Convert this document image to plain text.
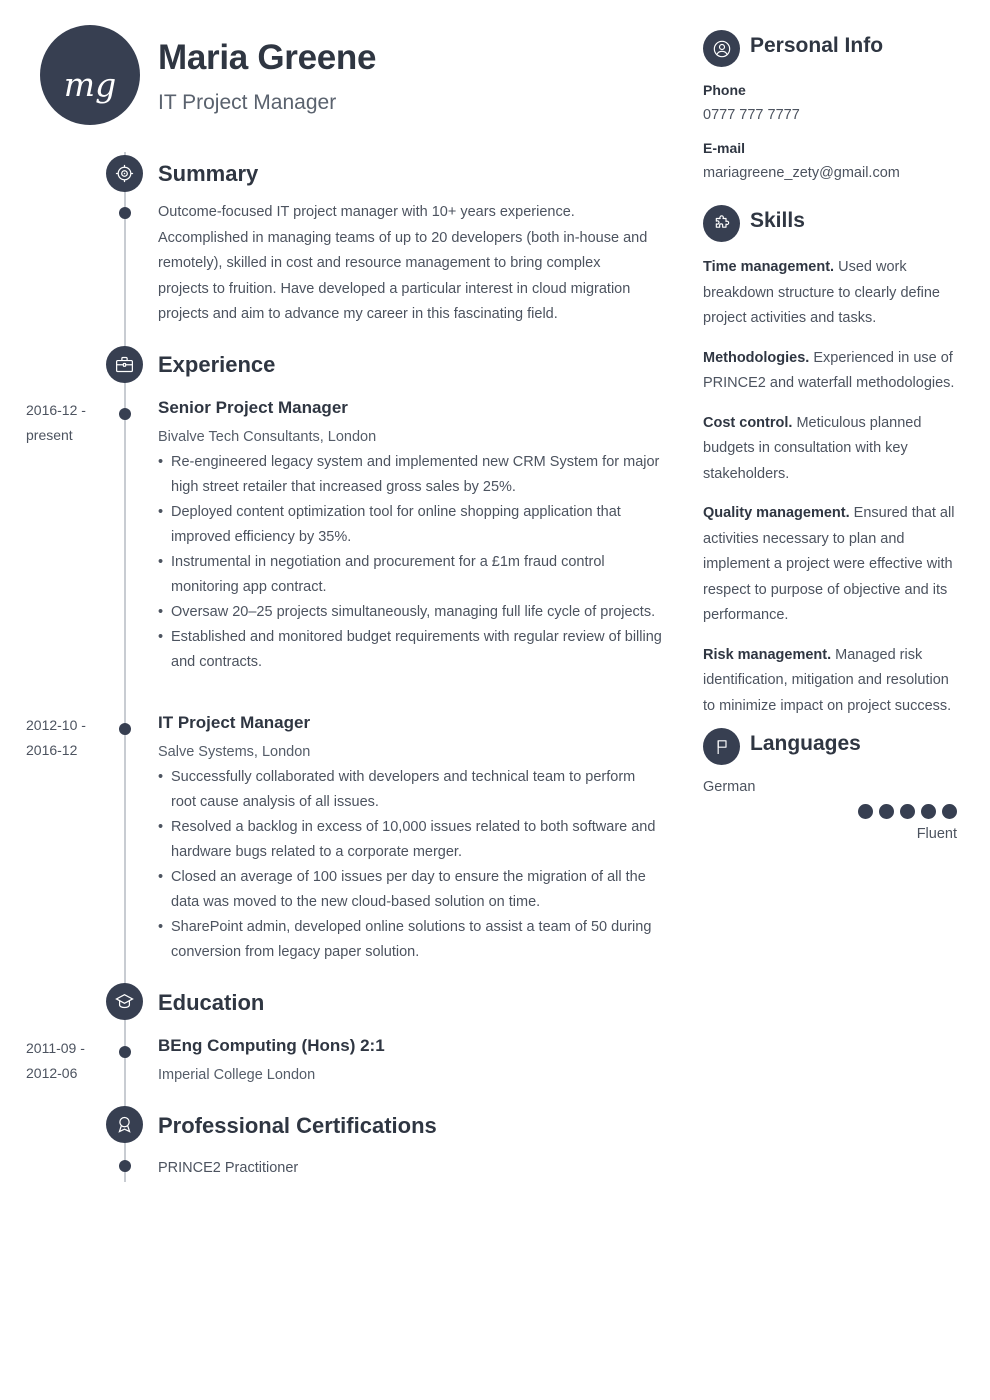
mg
Maria Greene
IT Project Manager
Summary
Outcome-focused IT project manager with 10+ years experience. Accomplished in managing teams of up to 20 developers (both in-house and remotely), skilled in cost and resource management to bring complex projects to fruition. Have developed a particular interest in cloud migration projects and aim to advance my career in this fascinating field.
Experience
2016-12 - present
Senior Project Manager
Bivalve Tech Consultants, London
• Re-engineered legacy system and implemented new CRM System for major high street retailer that increased gross sales by 25%.
• Deployed content optimization tool for online shopping application that improved efficiency by 35%.
• Instrumental in negotiation and procurement for a £1m fraud control monitoring app contract.
• Oversaw 20–25 projects simultaneously, managing full life cycle of projects.
• Established and monitored budget requirements with regular review of billing and contracts.
2012-10 - 2016-12
IT Project Manager
Salve Systems, London
• Successfully collaborated with developers and technical team to perform root cause analysis of all issues.
• Resolved a backlog in excess of 10,000 issues related to both software and hardware bugs related to a corporate merger.
• Closed an average of 100 issues per day to ensure the migration of all the data was moved to the new cloud-based solution on time.
• SharePoint admin, developed online solutions to assist a team of 50 during conversion from legacy paper solution.
Education
2011-09 - 2012-06
BEng Computing (Hons) 2:1
Imperial College London
Professional Certifications
PRINCE2 Practitioner
Personal Info
Phone
0777 777 7777
E-mail
mariagreene_zety@gmail.com
Skills

Time management. Used work breakdown structure to clearly define project activities and tasks.

Methodologies. Experienced in use of PRINCE2 and waterfall methodologies.

Cost control. Meticulous planned budgets in consultation with key stakeholders.

Quality management. Ensured that all activities necessary to plan and implement a project were effective with respect to purpose of objective and its performance.

Risk management. Managed risk identification, mitigation and resolution to minimize impact on project success.

Languages
German
Fluent
